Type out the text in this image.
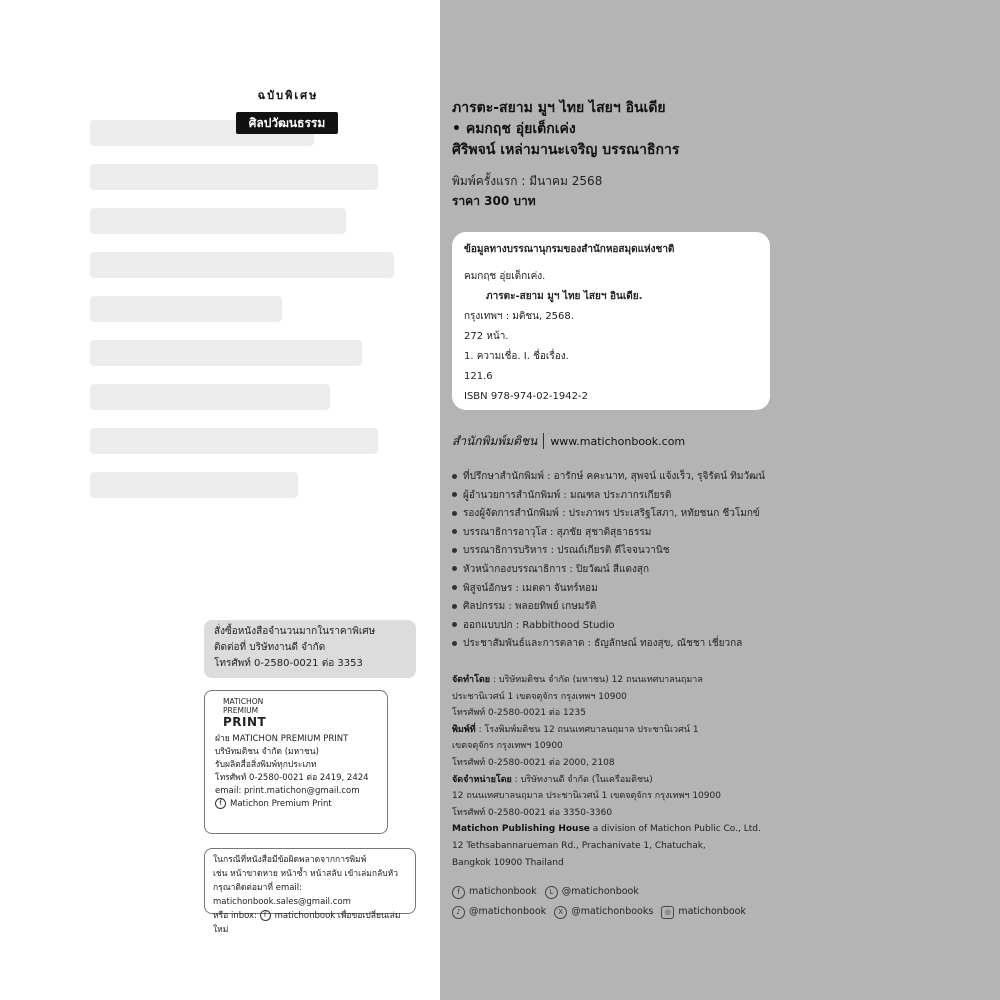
ฉบับพิเศษ
ศิลปวัฒนธรรม
สั่งซื้อหนังสือจำนวนมากในราคาพิเศษ
ติดต่อที่ บริษัทงานดี จำกัด
โทรศัพท์ 0-2580-0021 ต่อ 3353
MATICHON
PREMIUM
PRINT
ฝ่าย MATICHON PREMIUM PRINT
บริษัทมติชน จำกัด (มหาชน)
รับผลิตสื่อสิ่งพิมพ์ทุกประเภท
โทรศัพท์ 0-2580-0021 ต่อ 2419, 2424
email: print.matichon@gmail.com
f Matichon Premium Print
ในกรณีที่หนังสือมีข้อผิดพลาดจากการพิมพ์
เช่น หน้าขาดหาย หน้าซ้ำ หน้าสลับ เข้าเล่มกลับหัว
กรุณาติดต่อมาที่ email: matichonbook.sales@gmail.com
หรือ inbox: f matichonbook เพื่อขอเปลี่ยนเล่มใหม่
ภารตะ-สยาม มูฯ ไทย ไสยฯ อินเดีย
• คมกฤช อุ่ยเต็กเค่ง
ศิริพจน์ เหล่ามานะเจริญ บรรณาธิการ
พิมพ์ครั้งแรก : มีนาคม 2568
ราคา 300 บาท
ข้อมูลทางบรรณานุกรมของสำนักหอสมุดแห่งชาติ
คมกฤช อุ่ยเต็กเค่ง.
ภารตะ-สยาม มูฯ ไทย ไสยฯ อินเดีย.
กรุงเทพฯ : มติชน, 2568.
272 หน้า.
1. ความเชื่อ. I. ชื่อเรื่อง.
121.6
ISBN 978-974-02-1942-2
สำนักพิมพ์มติชน www.matichonbook.com
ที่ปรึกษาสำนักพิมพ์ : อารักษ์ คคะนาท, สุพจน์ แจ้งเร็ว, รุจิรัตน์ ทิมวัฒน์
ผู้อำนวยการสำนักพิมพ์ : มณฑล ประภากรเกียรติ
รองผู้จัดการสำนักพิมพ์ : ประภาพร ประเสริฐโสภา, หทัยชนก ชีวโมกข์
บรรณาธิการอาวุโส : สุภชัย สุชาติสุธาธรรม
บรรณาธิการบริหาร : ปรณถ์เกียรติ ดีไจจนวานิช
หัวหน้ากองบรรณาธิการ : ปิยวัฒน์ สีแดงสุก
พิสูจน์อักษร : เมตตา จันทร์หอม
ศิลปกรรม : พลอยทิพย์ เกษมรัติ
ออกแบบปก : Rabbithood Studio
ประชาสัมพันธ์และการตลาด : ธัญลักษณ์ ทองสุข, ณัชชา เชี่ยวกล
จัดทำโดย : บริษัทมติชน จำกัด (มหาชน) 12 ถนนเทศบาลนฤมาล
ประชานิเวศน์ 1 เขตจตุจักร กรุงเทพฯ 10900
โทรศัพท์ 0-2580-0021 ต่อ 1235
พิมพ์ที่ : โรงพิมพ์มติชน 12 ถนนเทศบาลนฤมาล ประชานิเวศน์ 1
เขตจตุจักร กรุงเทพฯ 10900
โทรศัพท์ 0-2580-0021 ต่อ 2000, 2108
จัดจำหน่ายโดย : บริษัทงานดี จำกัด (ในเครือมติชน)
12 ถนนเทศบาลนฤมาล ประชานิเวศน์ 1 เขตจตุจักร กรุงเทพฯ 10900
โทรศัพท์ 0-2580-0021 ต่อ 3350-3360
Matichon Publishing House a division of Matichon Public Co., Ltd.
12 Tethsabannarueman Rd., Prachanivate 1, Chatuchak,
Bangkok 10900 Thailand
f matichonbook	L @matichonbook
♪ @matichonbook	X @matichonbooks	◎ matichonbook
